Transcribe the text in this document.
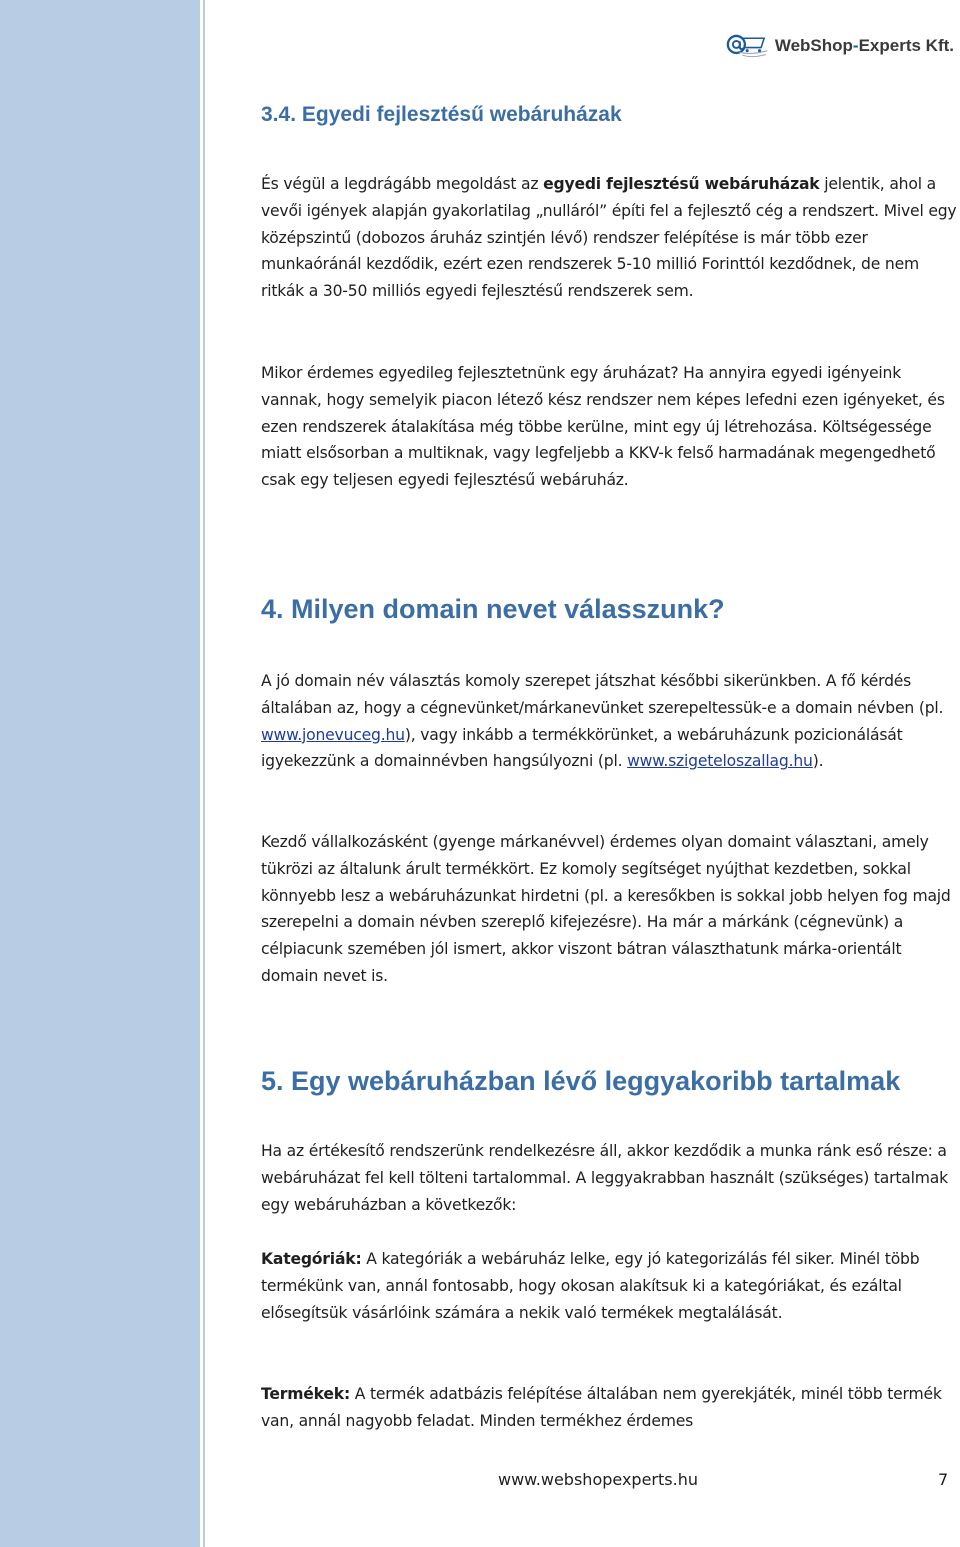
WebShop-Experts Kft.
3.4. Egyedi fejlesztésű webáruházak

És végül a legdrágább megoldást az egyedi fejlesztésű webáruházak jelentik, ahol a vevői igények alapján gyakorlatilag „nulláról” építi fel a fejlesztő cég a rendszert. Mivel egy középszintű (dobozos áruház szintjén lévő) rendszer felépítése is már több ezer munkaóránál kezdődik, ezért ezen rendszerek 5-10 millió Forinttól kezdődnek, de nem ritkák a 30-50 milliós egyedi fejlesztésű rendszerek sem.

Mikor érdemes egyedileg fejlesztetnünk egy áruházat? Ha annyira egyedi igényeink vannak, hogy semelyik piacon létező kész rendszer nem képes lefedni ezen igényeket, és ezen rendszerek átalakítása még többe kerülne, mint egy új létrehozása. Költségessége miatt elsősorban a multiknak, vagy legfeljebb a KKV-k felső harmadának megengedhető csak egy teljesen egyedi fejlesztésű webáruház.

4. Milyen domain nevet válasszunk?

A jó domain név választás komoly szerepet játszhat későbbi sikerünkben. A fő kérdés általában az, hogy a cégnevünket/márkanevünket szerepeltessük-e a domain névben (pl. www.jonevuceg.hu), vagy inkább a termékkörünket, a webáruházunk pozicionálását igyekezzünk a domainnévben hangsúlyozni (pl. www.szigeteloszallag.hu).

Kezdő vállalkozásként (gyenge márkanévvel) érdemes olyan domaint választani, amely tükrözi az általunk árult termékkört. Ez komoly segítséget nyújthat kezdetben, sokkal könnyebb lesz a webáruházunkat hirdetni (pl. a keresőkben is sokkal jobb helyen fog majd szerepelni a domain névben szereplő kifejezésre). Ha már a márkánk (cégnevünk) a célpiacunk szemében jól ismert, akkor viszont bátran választhatunk márka-orientált domain nevet is.

5. Egy webáruházban lévő leggyakoribb tartalmak

Ha az értékesítő rendszerünk rendelkezésre áll, akkor kezdődik a munka ránk eső része: a webáruházat fel kell tölteni tartalommal. A leggyakrabban használt (szükséges) tartalmak egy webáruházban a következők:

Kategóriák: A kategóriák a webáruház lelke, egy jó kategorizálás fél siker. Minél több termékünk van, annál fontosabb, hogy okosan alakítsuk ki a kategóriákat, és ezáltal elősegítsük vásárlóink számára a nekik való termékek megtalálását.

Termékek: A termék adatbázis felépítése általában nem gyerekjáték, minél több termék van, annál nagyobb feladat. Minden termékhez érdemes

www.webshopexperts.hu	7
